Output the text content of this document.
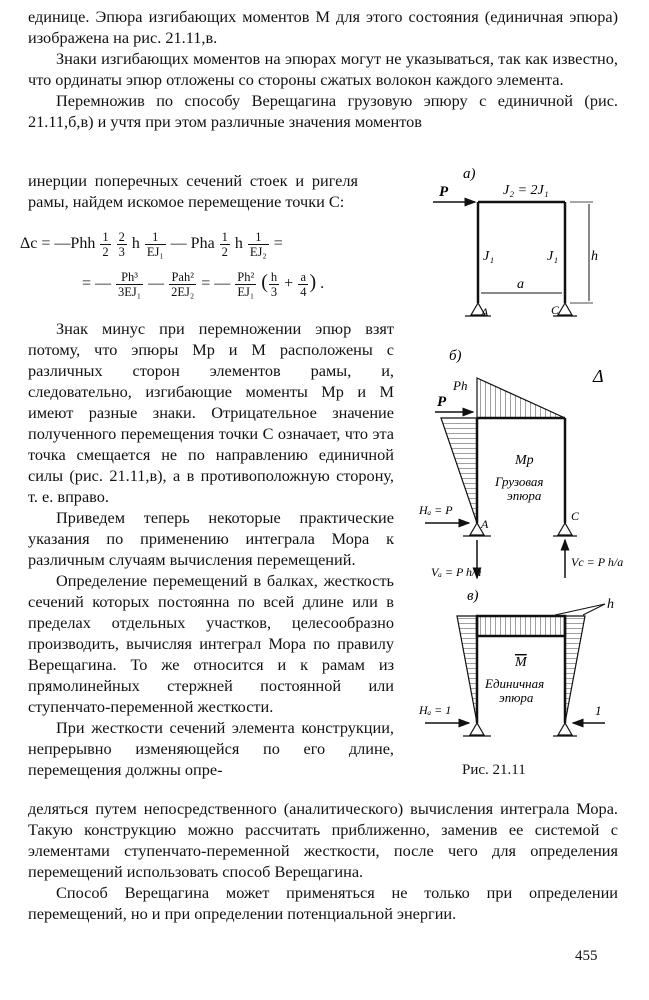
единице. Эпюра изгибающих моментов M для этого состояния (единичная эпюра) изображена на рис. 21.11,в.

Знаки изгибающих моментов на эпюрах могут не указываться, так как известно, что ординаты эпюр отложены со стороны сжатых волокон каждого элемента.

Перемножив по способу Верещагина грузовую эпюру с единичной (рис. 21.11,б,в) и учтя при этом различные значения моментов

инерции поперечных сечений стоек и ригеля рамы, найдем искомое перемещение точки C:

Δc = —Phh $\frac{1}{2}$
$\frac{2}{3}$ h $\frac{1}{\text{EJ₁}}$ — Pha $\frac{1}{2}$ h $\frac{1}{\text{EJ₂}}$ =
= — $\frac{\text{Ph³}}{\text{3EJ₁}}$ — $\frac{\text{Pah²}}{\text{2EJ₂}}$ = — $\frac{\text{Ph²}}{\text{EJ₁}}$ ( $\frac{h}{3} + \frac{a}{4}$ ) .

Знак минус при перемножении эпюр взят потому, что эпюры Mp и M расположены с различных сторон элементов рамы, и, следовательно, изгибающие моменты Mp и M имеют разные знаки. Отрицательное значение полученного перемещения точки C означает, что эта точка смещается не по направлению единичной силы (рис. 21.11,в), а в противоположную сторону, т. е. вправо.

Приведем теперь некоторые практические указания по применению интеграла Мора к различным случаям вычисления перемещений.

Определение перемещений в балках, жесткость сечений которых постоянна по всей длине или в пределах отдельных участков, целесообразно производить, вычисляя интеграл Мора по правилу Верещагина. То же относится и к рамам из прямолинейных стержней постоянной или ступенчато-переменной жесткости.

При жесткости сечений элемента конструкции, непрерывно изменяющейся по его длине, перемещения должны опре-

деляться путем непосредственного (аналитического) вычисления интеграла Мора. Такую конструкцию можно рассчитать приближенно, заменив ее системой с элементами ступенчато-переменной жесткости, после чего для определения перемещений использовать способ Верещагина.

Способ Верещагина может применяться не только при определении перемещений, но и при определении потенциальной энергии.

а)
P	J₂ = 2J₁
J₁	J₁ h
a
A	C
б)
Δ
P
Ph
Mp
Грузовая
эпюра
A
C
Hₐ = P
Vₐ = P h/a
Vc = P h/a
в)
h
M
Единичная
эпюра
Hₐ = 1	1
Рис. 21.11
455
